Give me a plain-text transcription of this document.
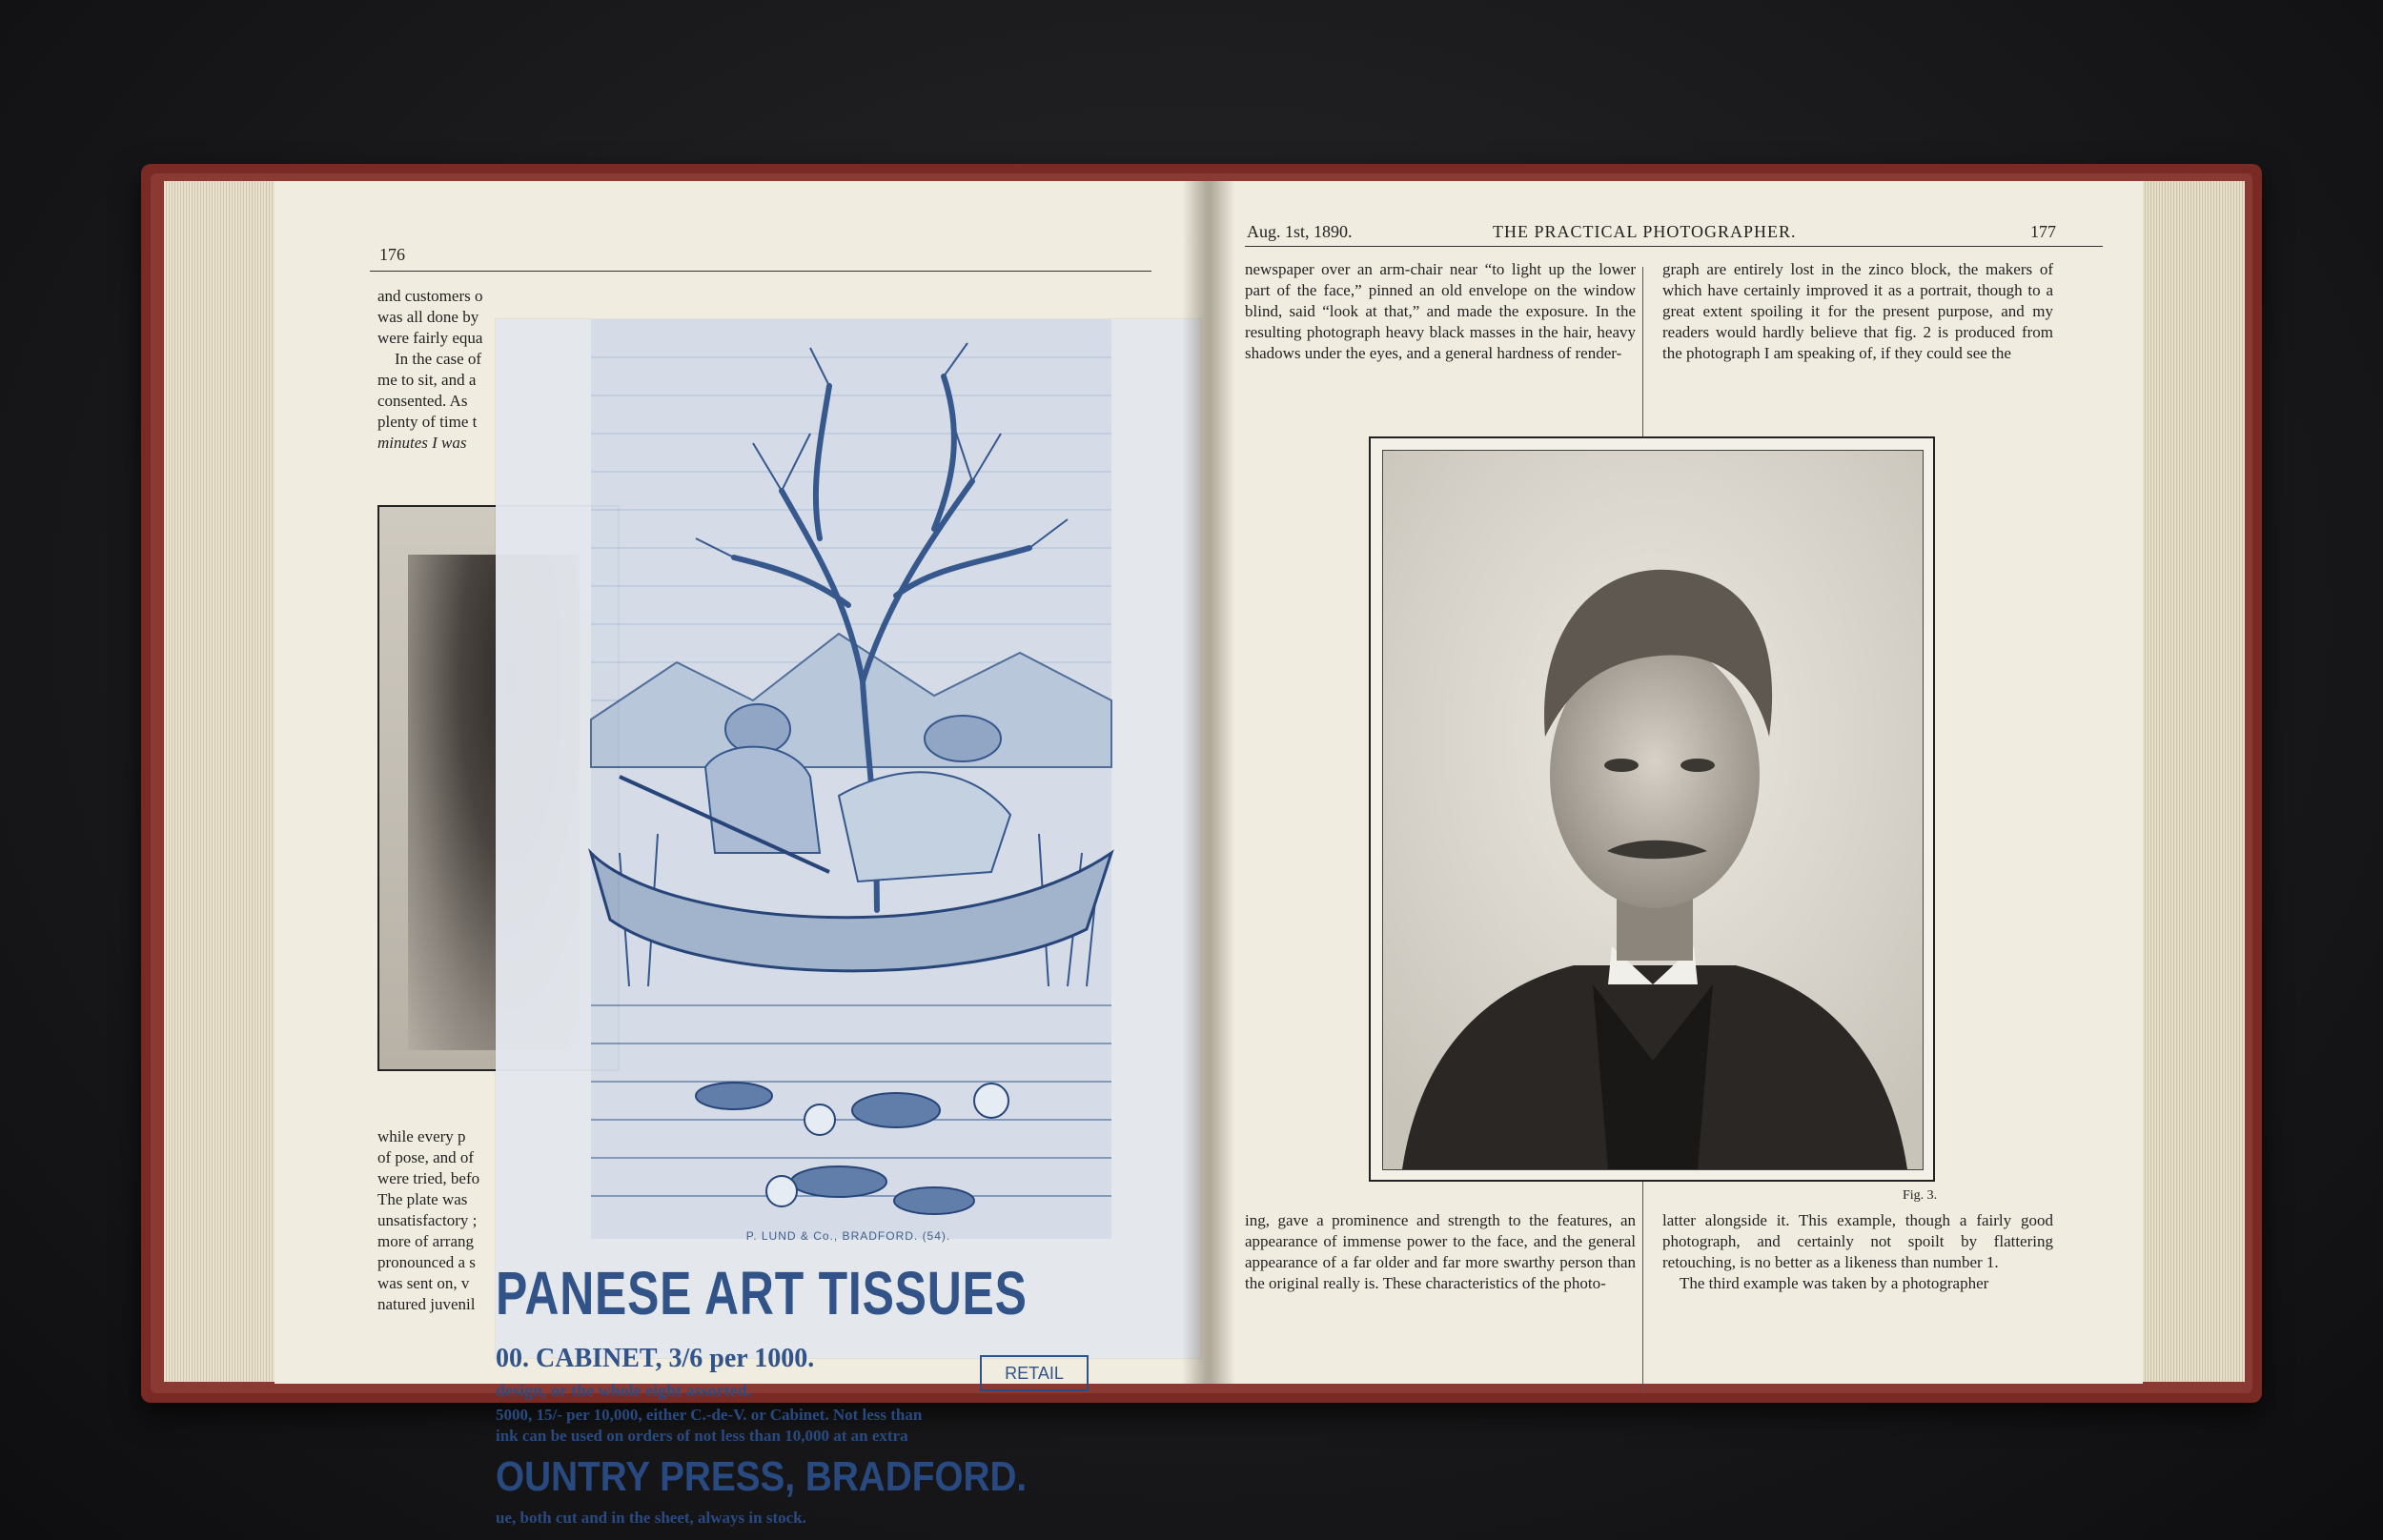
176

and customers o

was all done by

were fairly equa

In the case of

me to sit, and a

consented. As

plenty of time t

minutes I was

while every p

of pose, and of

were tried, befo

The plate was

unsatisfactory ;

more of arrang

pronounced a s

was sent on, v

natured juvenil

P. LUND & Co., BRADFORD. (54).
PANESE ART TISSUES
00. CABINET, 3/6 per 1000.	RETAIL
design, or the whole eight assorted.
5000, 15/- per 10,000, either C.-de-V. or Cabinet. Not less than
ink can be used on orders of not less than 10,000 at an extra
OUNTRY PRESS, BRADFORD.
ue, both cut and in the sheet, always in stock.
Aug. 1st, 1890.	THE PRACTICAL PHOTOGRAPHER.	177

newspaper over an arm-chair near “to light up the lower part of the face,” pinned an old envelope on the window blind, said “look at that,” and made the exposure. In the resulting photograph heavy black masses in the hair, heavy shadows under the eyes, and a general hardness of render-

graph are entirely lost in the zinco block, the makers of which have certainly improved it as a portrait, though to a great extent spoiling it for the present purpose, and my readers would hardly believe that fig. 2 is produced from the photograph I am speaking of, if they could see the

Fig. 3.

ing, gave a prominence and strength to the features, an appearance of immense power to the face, and the general appearance of a far older and far more swarthy person than the original really is. These characteristics of the photo-

latter alongside it. This example, though a fairly good photograph, and certainly not spoilt by flattering retouching, is no better as a likeness than number 1.

The third example was taken by a photographer
